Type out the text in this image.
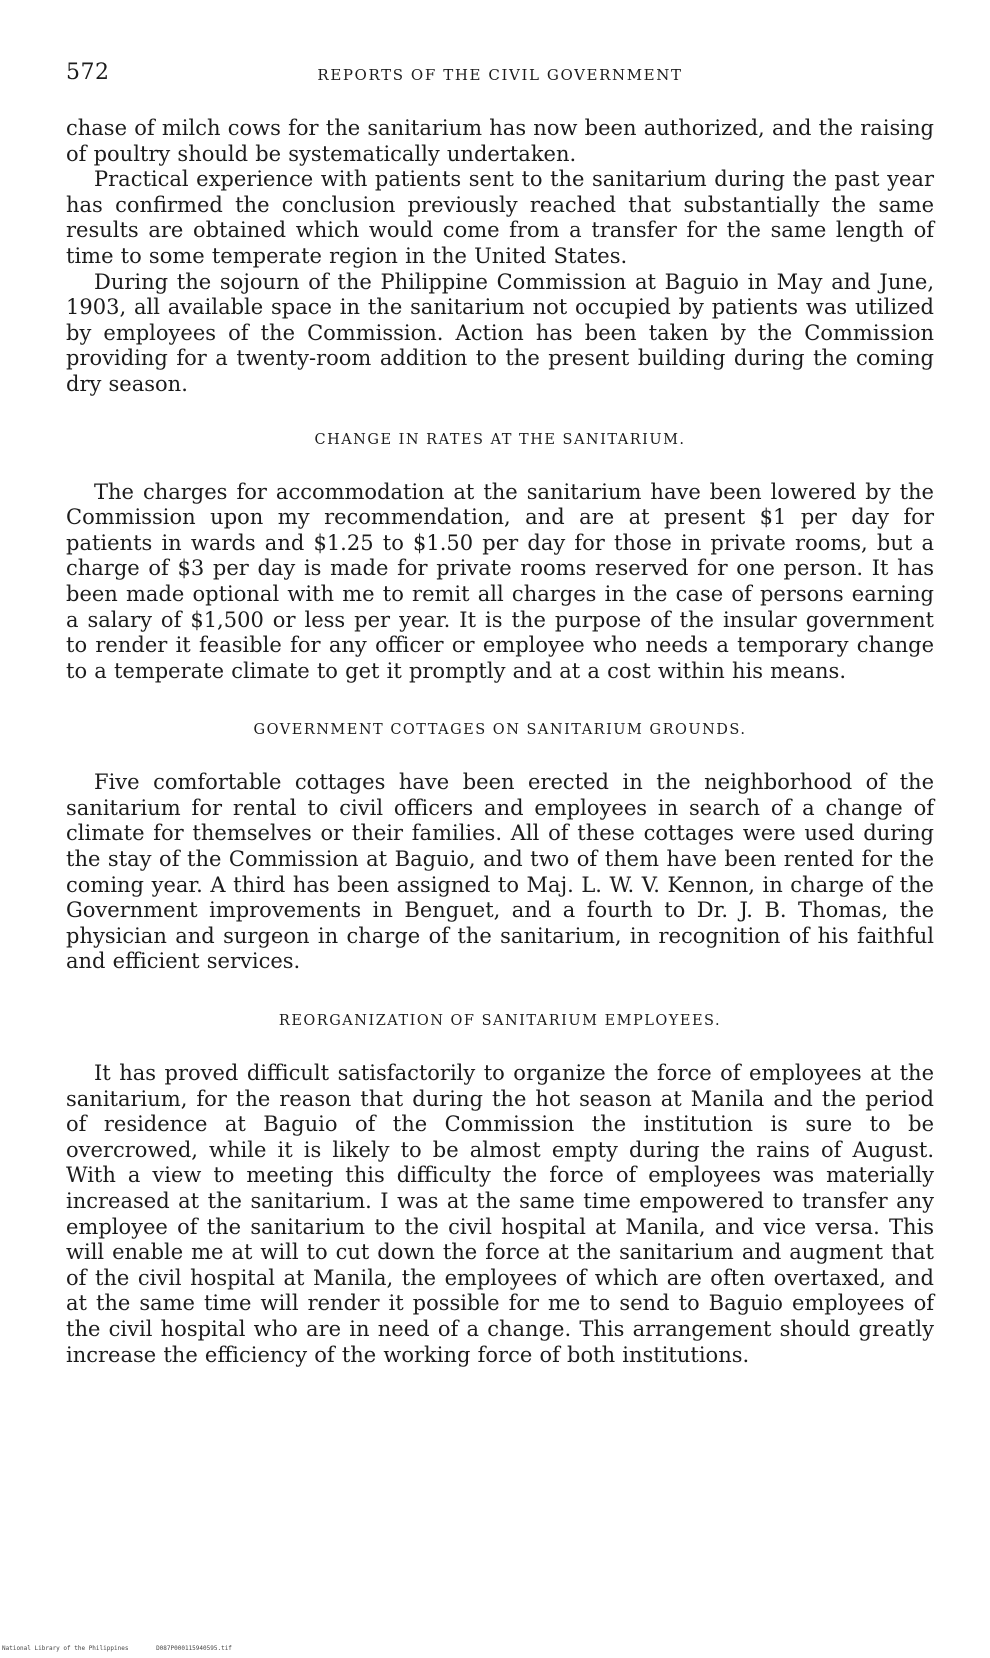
572	REPORTS OF THE CIVIL GOVERNMENT

chase of milch cows for the sanitarium has now been authorized, and the raising of poultry should be systematically undertaken.

Practical experience with patients sent to the sanitarium during the past year has confirmed the conclusion previously reached that substantially the same results are obtained which would come from a transfer for the same length of time to some temperate region in the United States.

During the sojourn of the Philippine Commission at Baguio in May and June, 1903, all available space in the sanitarium not occupied by patients was utilized by employees of the Commission. Action has been taken by the Commission providing for a twenty-room addition to the present building during the coming dry season.

CHANGE IN RATES AT THE SANITARIUM.

The charges for accommodation at the sanitarium have been lowered by the Commission upon my recommendation, and are at present $1 per day for patients in wards and $1.25 to $1.50 per day for those in private rooms, but a charge of $3 per day is made for private rooms reserved for one person. It has been made optional with me to remit all charges in the case of persons earning a salary of $1,500 or less per year. It is the purpose of the insular government to render it feasible for any officer or employee who needs a temporary change to a temperate climate to get it promptly and at a cost within his means.

GOVERNMENT COTTAGES ON SANITARIUM GROUNDS.

Five comfortable cottages have been erected in the neighborhood of the sanitarium for rental to civil officers and employees in search of a change of climate for themselves or their families. All of these cottages were used during the stay of the Commission at Baguio, and two of them have been rented for the coming year. A third has been assigned to Maj. L. W. V. Kennon, in charge of the Government improvements in Benguet, and a fourth to Dr. J. B. Thomas, the physician and surgeon in charge of the sanitarium, in recognition of his faithful and efficient services.

REORGANIZATION OF SANITARIUM EMPLOYEES.

It has proved difficult satisfactorily to organize the force of employees at the sanitarium, for the reason that during the hot season at Manila and the period of residence at Baguio of the Commission the institution is sure to be overcrowed, while it is likely to be almost empty during the rains of August. With a view to meeting this difficulty the force of employees was materially increased at the sanitarium. I was at the same time empowered to transfer any employee of the sanitarium to the civil hospital at Manila, and vice versa. This will enable me at will to cut down the force at the sanitarium and augment that of the civil hospital at Manila, the employees of which are often overtaxed, and at the same time will render it possible for me to send to Baguio employees of the civil hospital who are in need of a change. This arrangement should greatly increase the efficiency of the working force of both institutions.

National Library of the Philippines	D087P000115940595.tif
